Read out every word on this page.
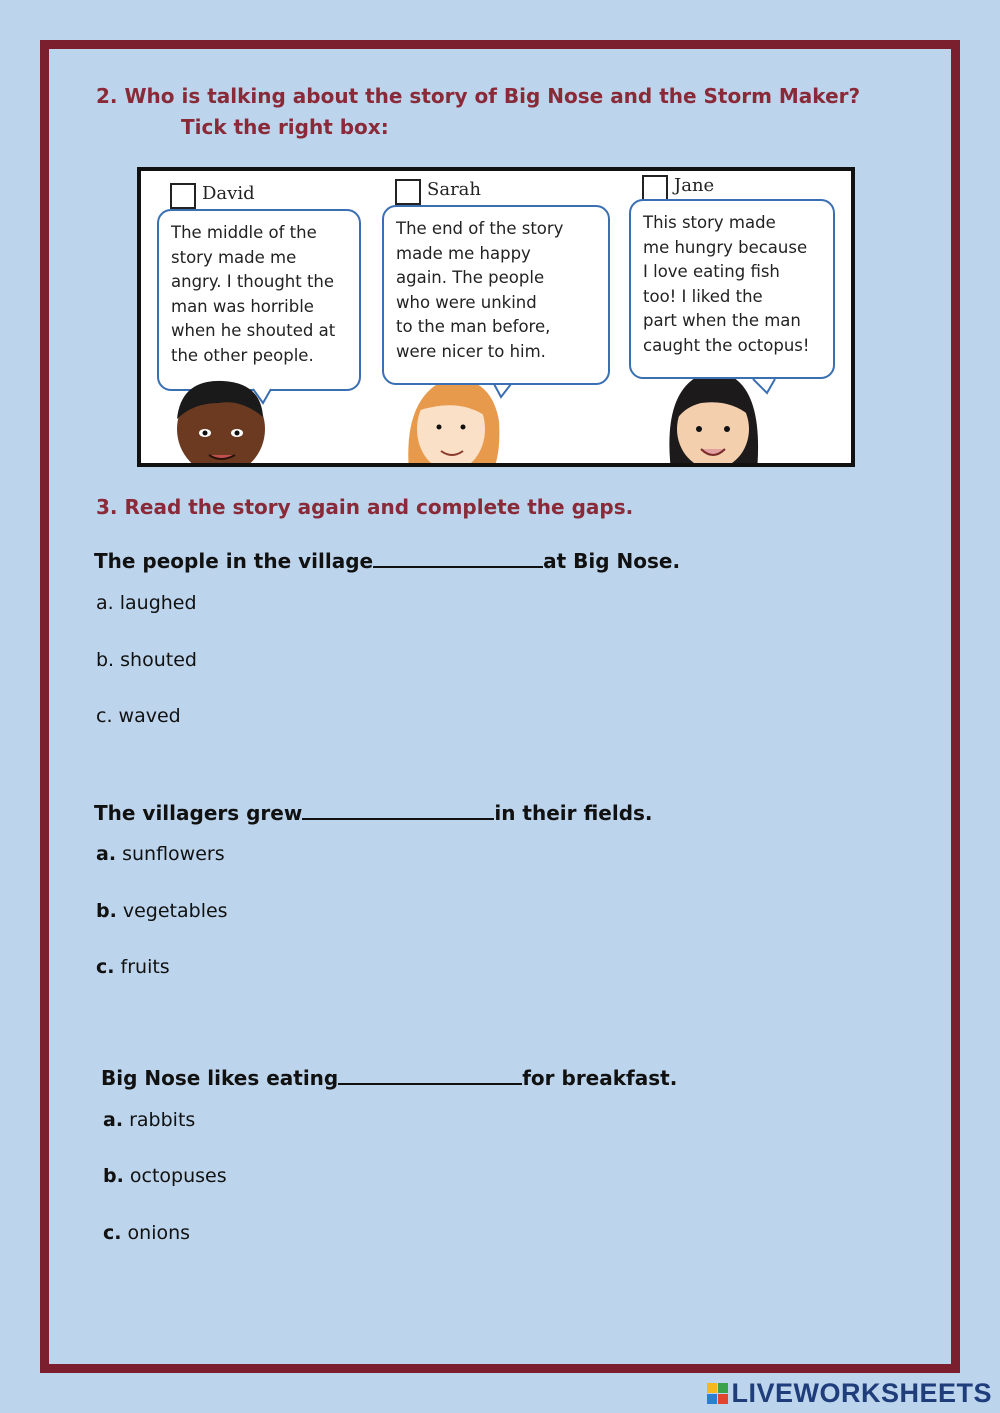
2. Who is talking about the story of Big Nose and the Storm Maker?
Tick the right box:
David
The middle of the
story made me
angry. I thought the
man was horrible
when he shouted at
the other people.
Sarah
The end of the story
made me happy
again. The people
who were unkind
to the man before,
were nicer to him.
Jane
This story made
me hungry because
I love eating fish
too! I liked the
part when the man
caught the octopus!
3. Read the story again and complete the gaps.
The people in the village	at Big Nose.
a. laughed
b. shouted
c. waved
The villagers grew	in their fields.
a. sunflowers
b. vegetables
c. fruits
Big Nose likes eating	for breakfast.
a. rabbits
b. octopuses
c. onions
LIVEWORKSHEETS
